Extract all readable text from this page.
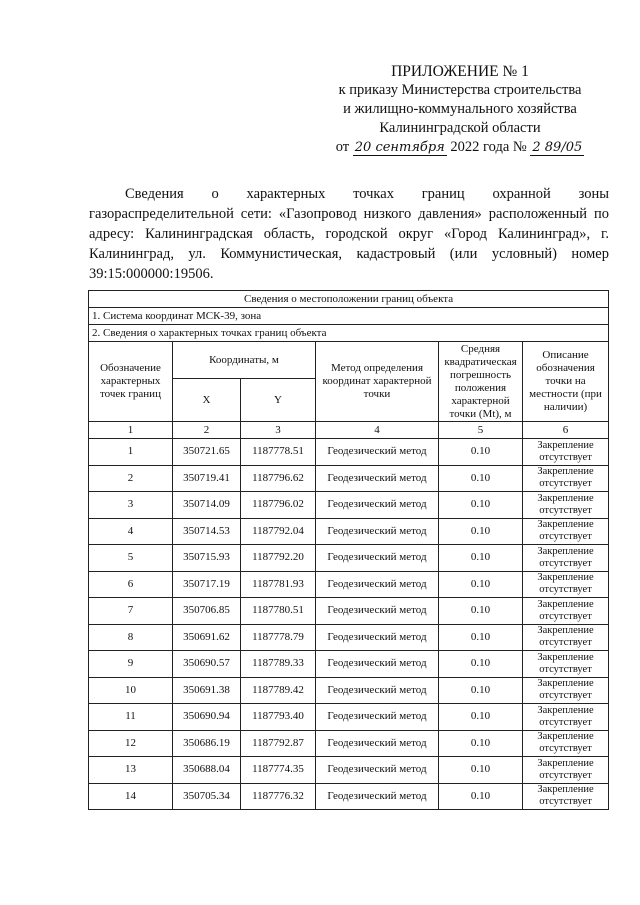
ПРИЛОЖЕНИЕ № 1
к приказу Министерства строительства
и жилищно-коммунального хозяйства
Калининградской области
от 20 сентября 2022 года № 2 89/05
Сведения о характерных точках границ охранной зоны газораспределительной сети: «Газопровод низкого давления» расположенный по адресу: Калининградская область, городской округ «Город Калининград», г. Калининград, ул. Коммунистическая, кадастровый (или условный) номер 39:15:000000:19506.
Сведения о местоположении границ объекта					
1. Система координат МСК-39, зона					
2. Сведения о характерных точках границ объекта					
Обозначение характерных точек границ	Координаты, м		Метод определения координат характерной точки	Средняя квадратическая погрешность положения характерной точки (Mt), м	Описание обозначения точки на местности (при наличии)
	X	Y			
1	2	3	4	5	6
1	350721.65	1187778.51	Геодезический метод	0.10	Закрепление
отсутствует

2	350719.41	1187796.62	Геодезический метод	0.10	Закрепление
отсутствует

3	350714.09	1187796.02	Геодезический метод	0.10	Закрепление
отсутствует

4	350714.53	1187792.04	Геодезический метод	0.10	Закрепление
отсутствует

5	350715.93	1187792.20	Геодезический метод	0.10	Закрепление
отсутствует

6	350717.19	1187781.93	Геодезический метод	0.10	Закрепление
отсутствует

7	350706.85	1187780.51	Геодезический метод	0.10	Закрепление
отсутствует

8	350691.62	1187778.79	Геодезический метод	0.10	Закрепление
отсутствует

9	350690.57	1187789.33	Геодезический метод	0.10	Закрепление
отсутствует

10	350691.38	1187789.42	Геодезический метод	0.10	Закрепление
отсутствует

11	350690.94	1187793.40	Геодезический метод	0.10	Закрепление
отсутствует

12	350686.19	1187792.87	Геодезический метод	0.10	Закрепление
отсутствует

13	350688.04	1187774.35	Геодезический метод	0.10	Закрепление
отсутствует

14	350705.34	1187776.32	Геодезический метод	0.10	Закрепление
отсутствует
